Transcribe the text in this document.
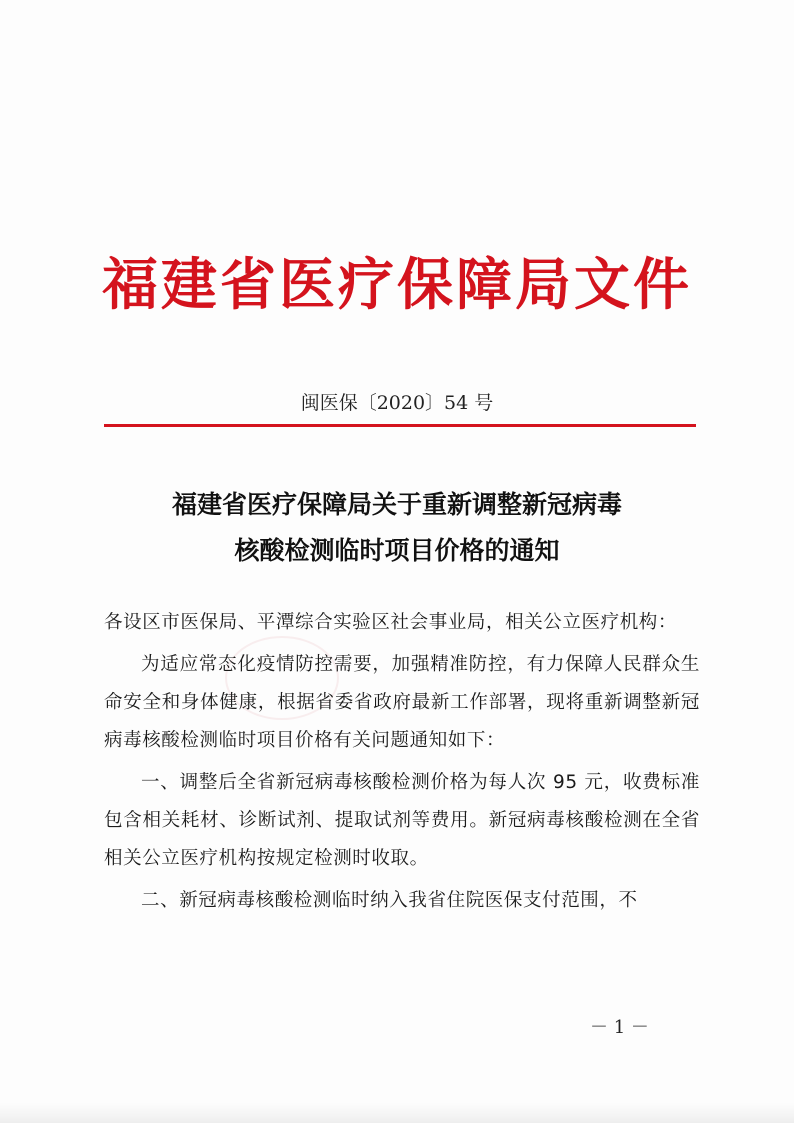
福建省医疗保障局文件
闽医保〔2020〕54 号
福建省医疗保障局关于重新调整新冠病毒
核酸检测临时项目价格的通知

各设区市医保局、平潭综合实验区社会事业局，相关公立医疗机构：

为适应常态化疫情防控需要，加强精准防控，有力保障人民群众生命安全和身体健康，根据省委省政府最新工作部署，现将重新调整新冠病毒核酸检测临时项目价格有关问题通知如下：

一、调整后全省新冠病毒核酸检测价格为每人次 95 元，收费标准包含相关耗材、诊断试剂、提取试剂等费用。新冠病毒核酸检测在全省相关公立医疗机构按规定检测时收取。

二、新冠病毒核酸检测临时纳入我省住院医保支付范围，不

－ 1 －
